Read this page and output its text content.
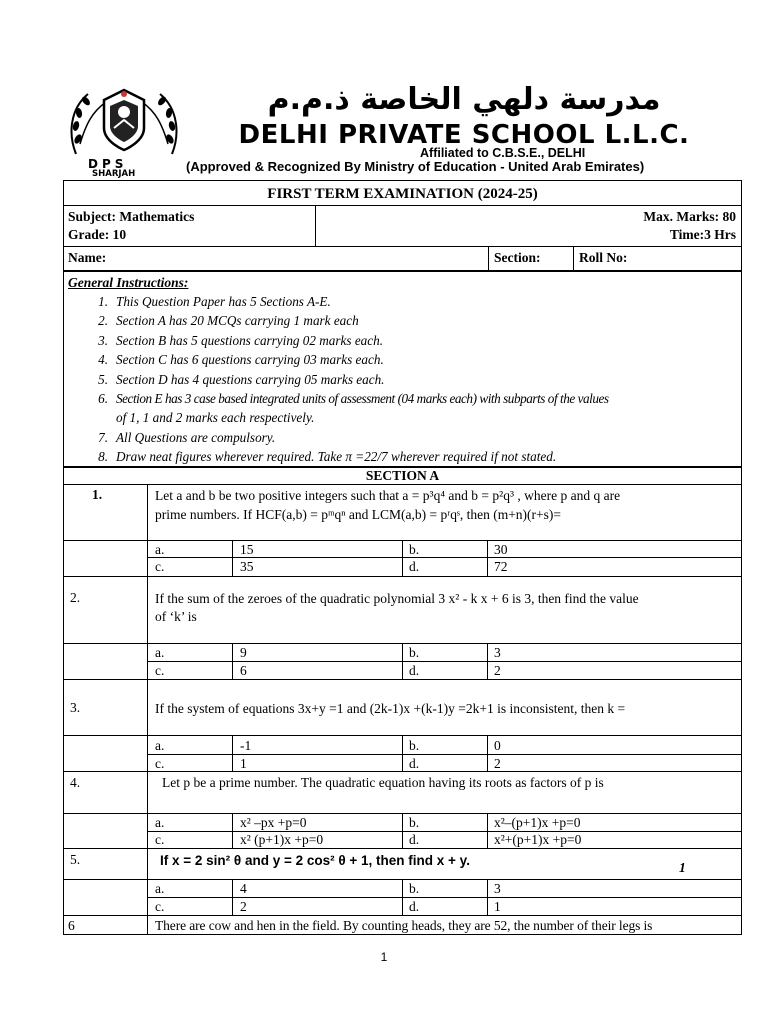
مدرسة دلهي الخاصة ذ.م.م
DELHI PRIVATE SCHOOL L.L.C.
Affiliated to C.B.S.E., DELHI
(Approved & Recognized By Ministry of Education - United Arab Emirates)
DPS
SHARJAH
FIRST TERM EXAMINATION (2024-25)
Subject: Mathematics
Grade: 10
Max. Marks: 80
Time:3 Hrs
Name:	Section:	Roll No:
General Instructions:
1. This Question Paper has 5 Sections A-E.
2. Section A has 20 MCQs carrying 1 mark each
3. Section B has 5 questions carrying 02 marks each.
4. Section C has 6 questions carrying 03 marks each.
5. Section D has 4 questions carrying 05 marks each.
6. Section E has 3 case based integrated units of assessment (04 marks each) with subparts of the values
of 1, 1 and 2 marks each respectively.
7. All Questions are compulsory.
8. Draw neat figures wherever required. Take π =22/7 wherever required if not stated.
SECTION A
1.	Let a and b be two positive integers such that a = p³q⁴ and b = p²q³ , where p and q are
prime numbers. If HCF(a,b) = pᵐqⁿ and LCM(a,b) = pʳqˢ, then (m+n)(r+s)=
a.	15	b.	30
c.	35	d.	72
2.	If the sum of the zeroes of the quadratic polynomial 3 x² - k x + 6 is 3, then find the value
of ‘k’ is
a.	9	b.	3
c.	6	d.	2
3.	If the system of equations 3x+y =1 and (2k-1)x +(k-1)y =2k+1 is inconsistent, then k =
a.	-1	b.	0
c.	1	d.	2
4.	Let p be a prime number. The quadratic equation having its roots as factors of p is
a.	x² –px +p=0	b.	x²–(p+1)x +p=0
c.	x² (p+1)x +p=0	d.	x²+(p+1)x +p=0
5.	If x = 2 sin² θ and y = 2 cos² θ + 1, then find x + y.	1
a.	4	b.	3
c.	2	d.	1
6	There are cow and hen in the field. By counting heads, they are 52, the number of their legs is
1
